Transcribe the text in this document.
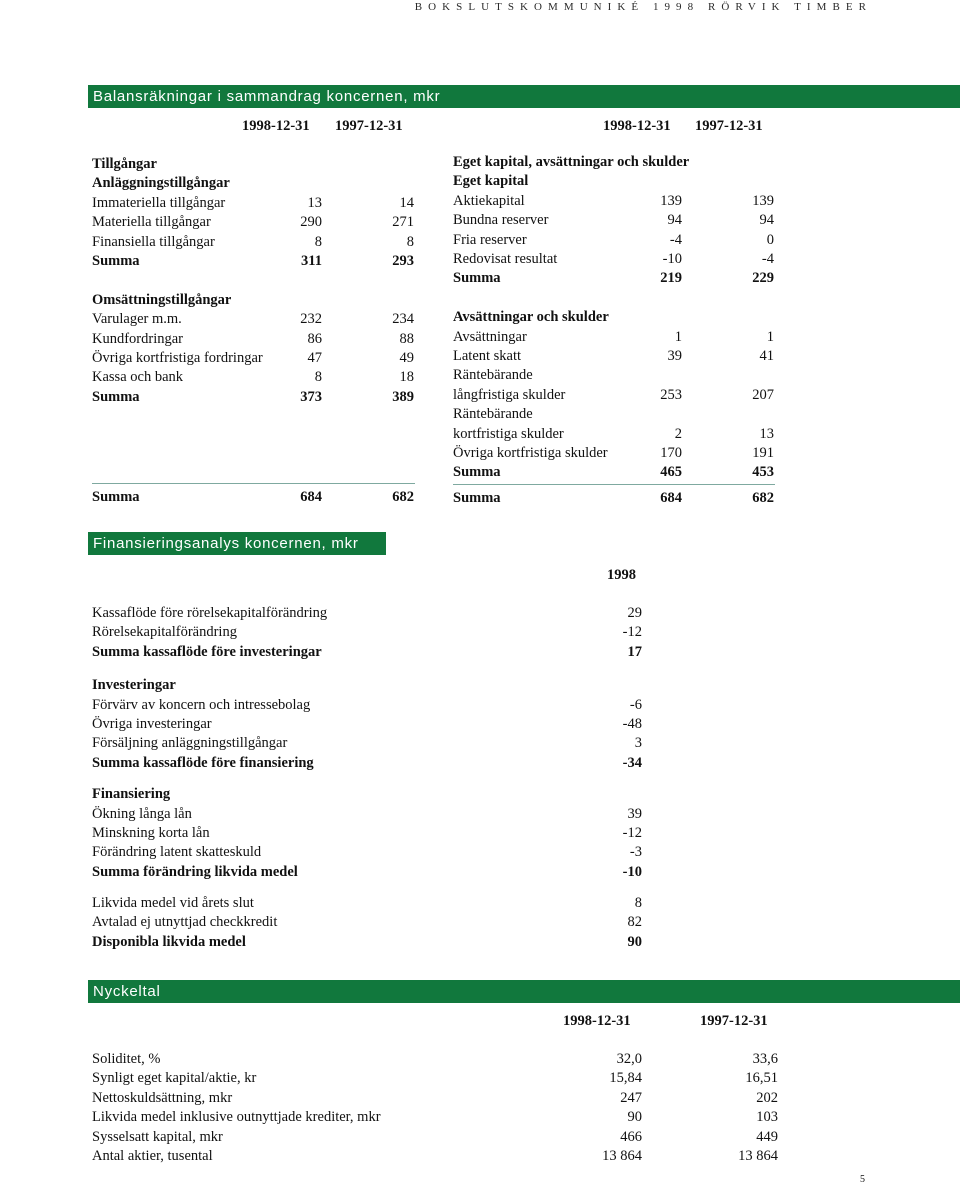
BOKSLUTSKOMMUNIKÉ 1998 RÖRVIK TIMBER
Balansräkningar i sammandrag koncernen, mkr
1998-12-31 1997-12-31	1998-12-31 1997-12-31
Tillgångar
Anläggningstillgångar
Omsättningstillgångar
Immateriella tillgångar	13	14
Materiella tillgångar	290	271
Finansiella tillgångar	8	8
Summa	311	293
Varulager m.m.	232	234
Kundfordringar	86	88
Övriga kortfristiga fordringar	47	49
Kassa och bank	8	18
Summa	373	389
Summa	684	682
Eget kapital, avsättningar och skulder
Eget kapital
Avsättningar och skulder
Aktiekapital	139	139
Bundna reserver	94	94
Fria reserver	-4	0
Redovisat resultat	-10	-4
Summa	219	229
Avsättningar	1	1
Latent skatt	39	41
Räntebärande
långfristiga skulder	253	207
Räntebärande
kortfristiga skulder	2	13
Övriga kortfristiga skulder	170	191
Summa	465	453
Summa	684	682
Finansieringsanalys koncernen, mkr
1998
Investeringar
Finansiering
Kassaflöde före rörelsekapitalförändring	29
Rörelsekapitalförändring	-12
Summa kassaflöde före investeringar	17
Förvärv av koncern och intressebolag	-6
Övriga investeringar	-48
Försäljning anläggningstillgångar	3
Summa kassaflöde före finansiering	-34
Ökning långa lån	39
Minskning korta lån	-12
Förändring latent skatteskuld	-3
Summa förändring likvida medel	-10
Likvida medel vid årets slut	8
Avtalad ej utnyttjad checkkredit	82
Disponibla likvida medel	90
Nyckeltal
1998-12-31	1997-12-31
Soliditet, %	32,0	33,6
Synligt eget kapital/aktie, kr	15,84	16,51
Nettoskuldsättning, mkr	247	202
Likvida medel inklusive outnyttjade krediter, mkr	90	103
Sysselsatt kapital, mkr	466	449
Antal aktier, tusental	13 864	13 864
5
